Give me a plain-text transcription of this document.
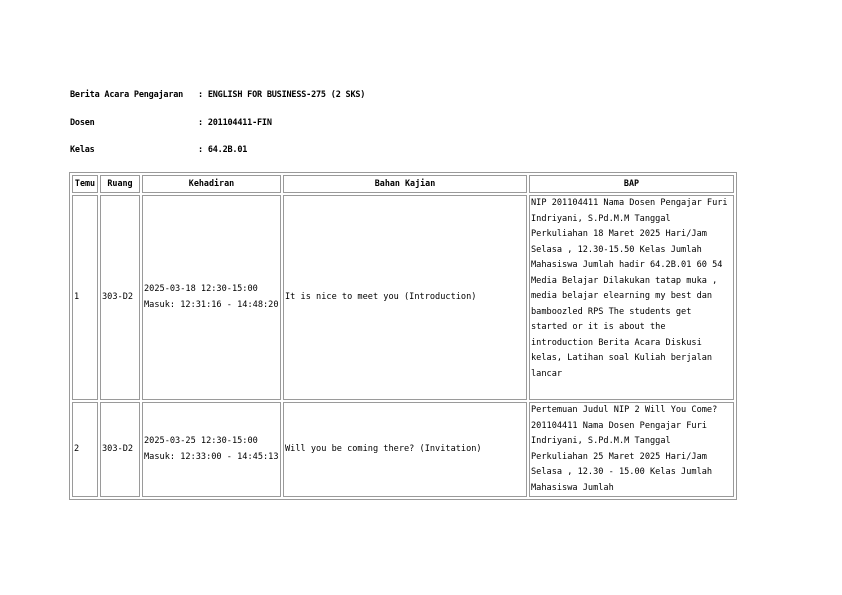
Berita Acara Pengajaran : ENGLISH FOR BUSINESS-275 (2 SKS)
Dosen	: 201104411-FIN
Kelas	: 64.2B.01
Temu	Ruang	Kehadiran	Bahan Kajian	BAP
1	303-D2	2025-03-18 12:30-15:00 Masuk: 12:31:16 - 14:48:20	It is nice to meet you (Introduction)	NIP 201104411 Nama Dosen Pengajar Furi Indriyani, S.Pd.M.M Tanggal Perkuliahan 18 Maret 2025 Hari/Jam Selasa , 12.30-15.50 Kelas Jumlah Mahasiswa Jumlah hadir 64.2B.01 60 54 Media Belajar Dilakukan tatap muka , media belajar elearning my best dan bamboozled RPS The students get started or it is about the introduction Berita Acara Diskusi kelas, Latihan soal Kuliah berjalan lancar
2	303-D2	2025-03-25 12:30-15:00 Masuk: 12:33:00 - 14:45:13	Will you be coming there? (Invitation)	Pertemuan Judul NIP 2 Will You Come? 201104411 Nama Dosen Pengajar Furi Indriyani, S.Pd.M.M Tanggal Perkuliahan 25 Maret 2025 Hari/Jam Selasa , 12.30 - 15.00 Kelas Jumlah Mahasiswa Jumlah
